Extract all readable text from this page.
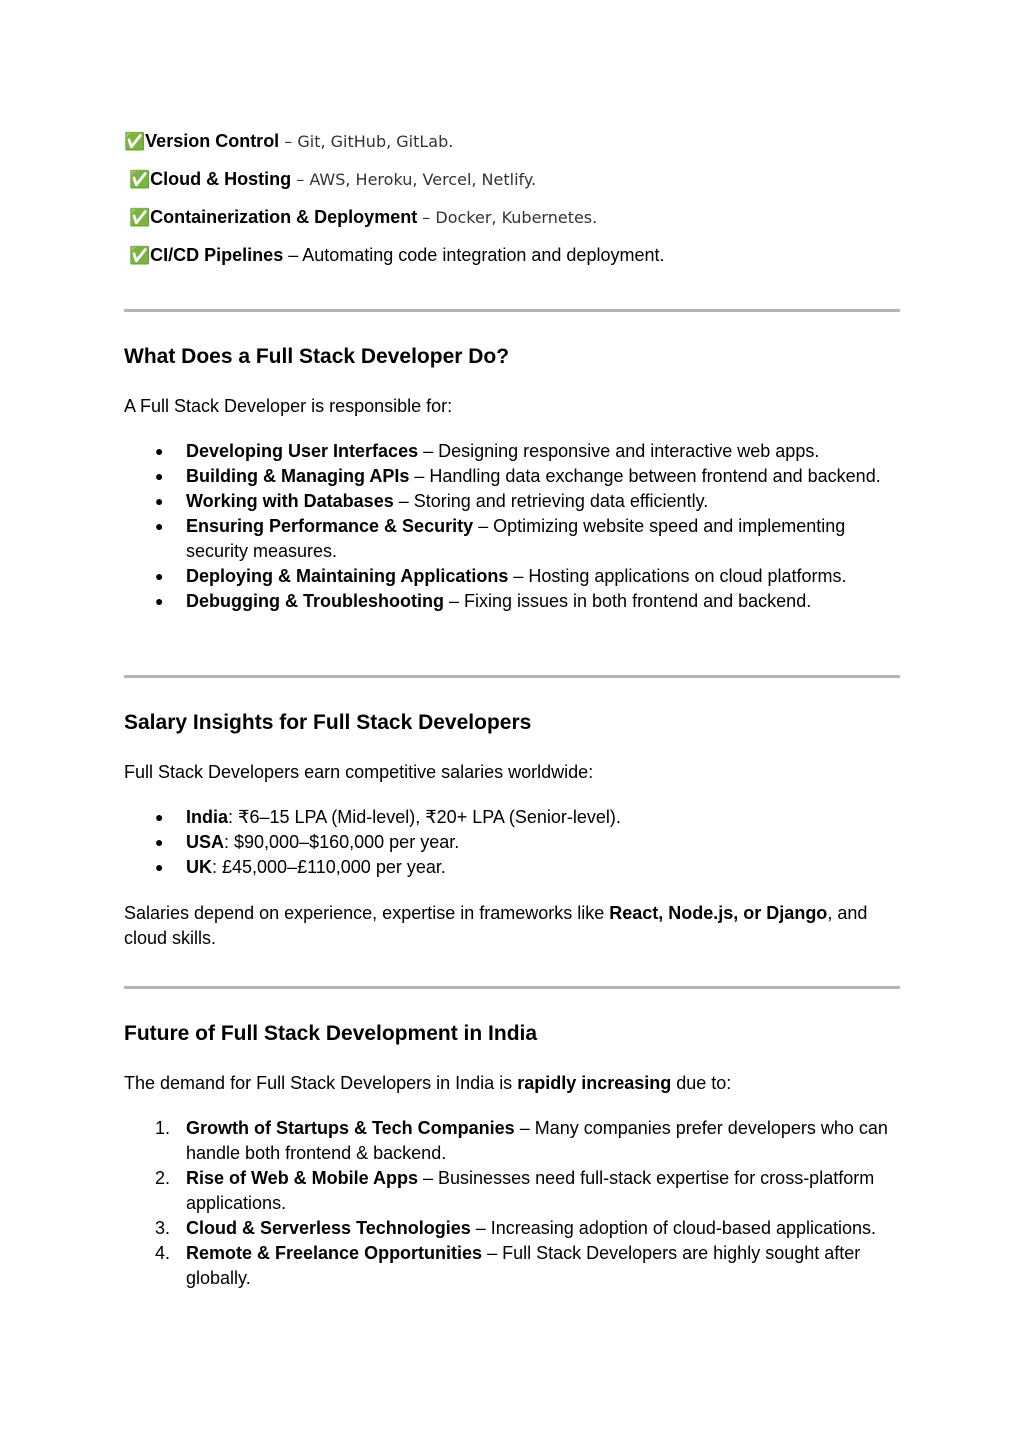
✅Version Control – Git, GitHub, GitLab.
✅Cloud & Hosting – AWS, Heroku, Vercel, Netlify.
✅Containerization & Deployment – Docker, Kubernetes.
✅CI/CD Pipelines – Automating code integration and deployment.
What Does a Full Stack Developer Do?

A Full Stack Developer is responsible for:

● Developing User Interfaces – Designing responsive and interactive web apps.
● Building & Managing APIs – Handling data exchange between frontend and backend.
● Working with Databases – Storing and retrieving data efficiently.
● Ensuring Performance & Security – Optimizing website speed and implementing security measures.
● Deploying & Maintaining Applications – Hosting applications on cloud platforms.
● Debugging & Troubleshooting – Fixing issues in both frontend and backend.
Salary Insights for Full Stack Developers

Full Stack Developers earn competitive salaries worldwide:

● India: ₹6–15 LPA (Mid-level), ₹20+ LPA (Senior-level).
● USA: $90,000–$160,000 per year.
● UK: £45,000–£110,000 per year.

Salaries depend on experience, expertise in frameworks like React, Node.js, or Django, and cloud skills.

Future of Full Stack Development in India

The demand for Full Stack Developers in India is rapidly increasing due to:

1. Growth of Startups & Tech Companies – Many companies prefer developers who can handle both frontend & backend.
2. Rise of Web & Mobile Apps – Businesses need full-stack expertise for cross-platform applications.
3. Cloud & Serverless Technologies – Increasing adoption of cloud-based applications.
4. Remote & Freelance Opportunities – Full Stack Developers are highly sought after globally.
